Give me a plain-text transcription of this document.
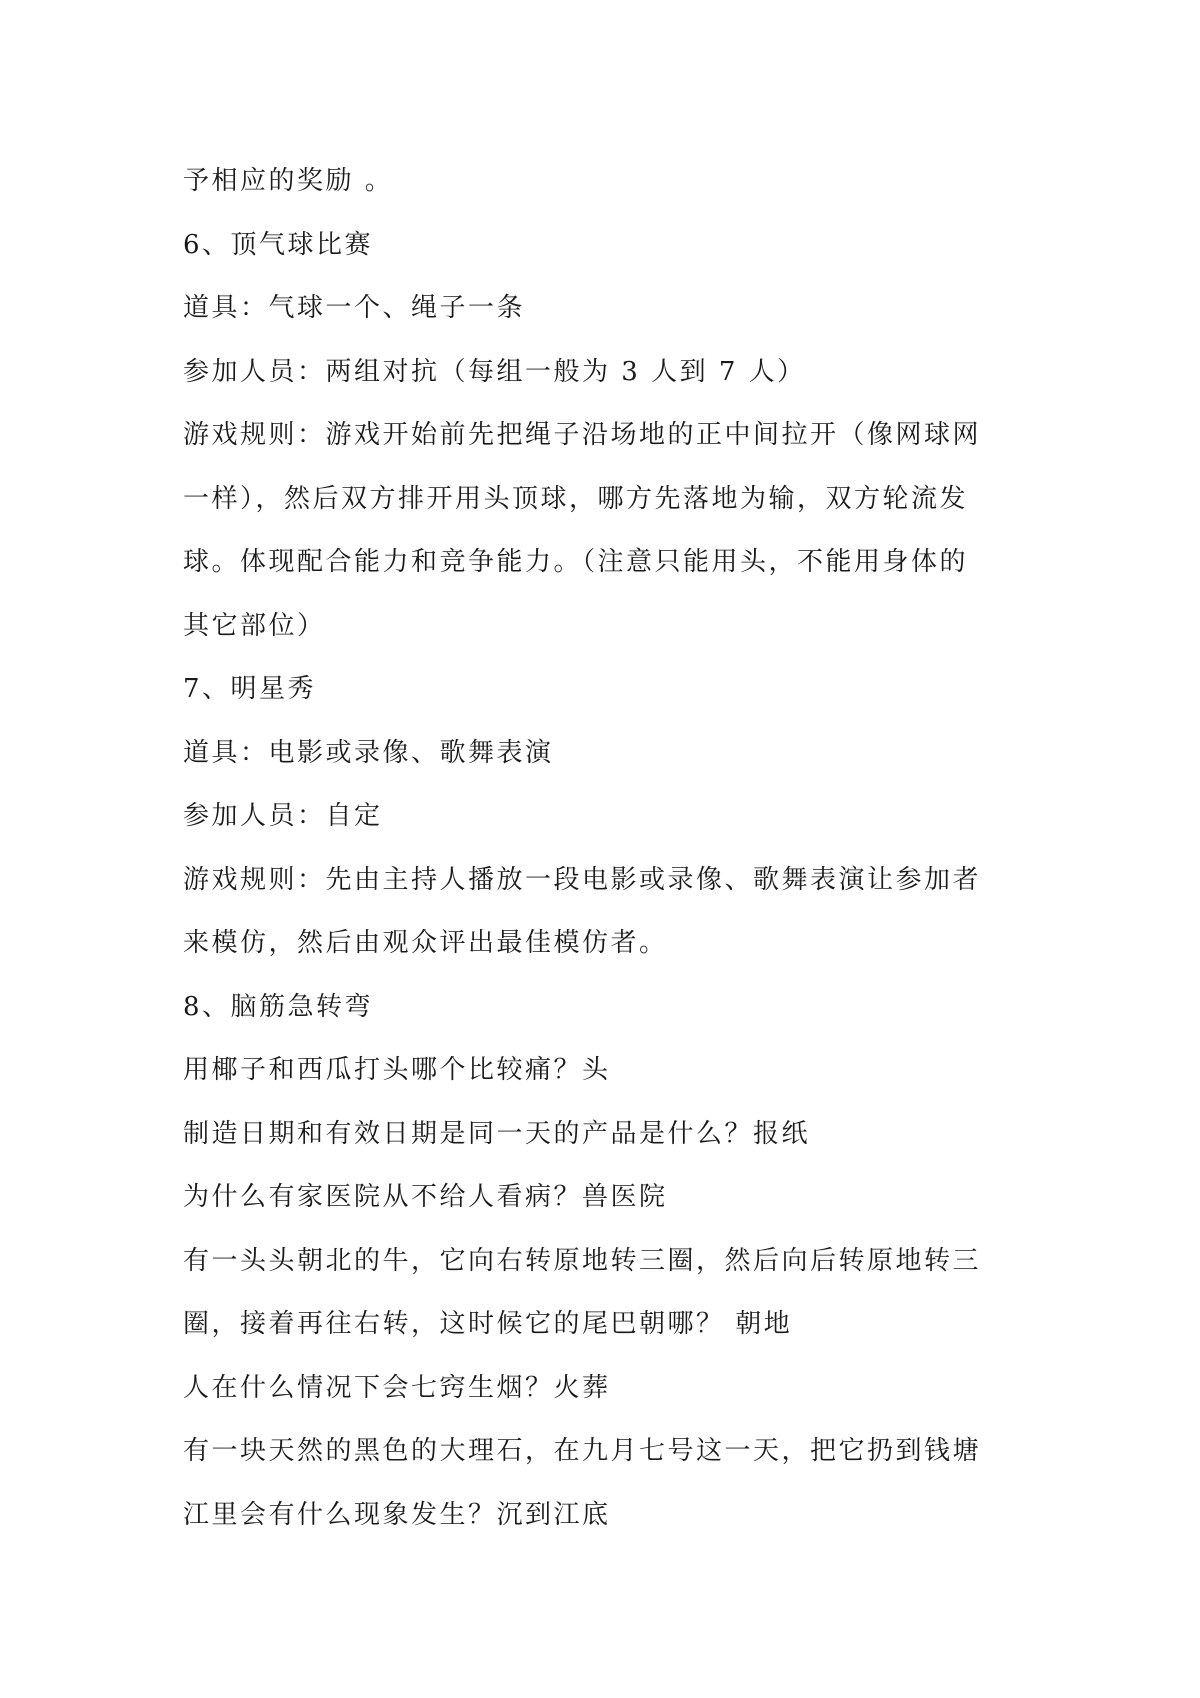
予相应的奖励 。
6、顶气球比赛
道具：气球一个、绳子一条
参加人员：两组对抗（每组一般为 3 人到 7 人）
游戏规则：游戏开始前先把绳子沿场地的正中间拉开（像网球网
一样），然后双方排开用头顶球，哪方先落地为输，双方轮流发
球。体现配合能力和竞争能力。（注意只能用头，不能用身体的
其它部位）
7、明星秀
道具：电影或录像、歌舞表演
参加人员：自定
游戏规则：先由主持人播放一段电影或录像、歌舞表演让参加者
来模仿，然后由观众评出最佳模仿者。
8、脑筋急转弯
用椰子和西瓜打头哪个比较痛？头
制造日期和有效日期是同一天的产品是什么？报纸
为什么有家医院从不给人看病？兽医院
有一头头朝北的牛，它向右转原地转三圈，然后向后转原地转三
圈，接着再往右转，这时候它的尾巴朝哪？ 朝地
人在什么情况下会七窍生烟？火葬
有一块天然的黑色的大理石，在九月七号这一天，把它扔到钱塘
江里会有什么现象发生？沉到江底
